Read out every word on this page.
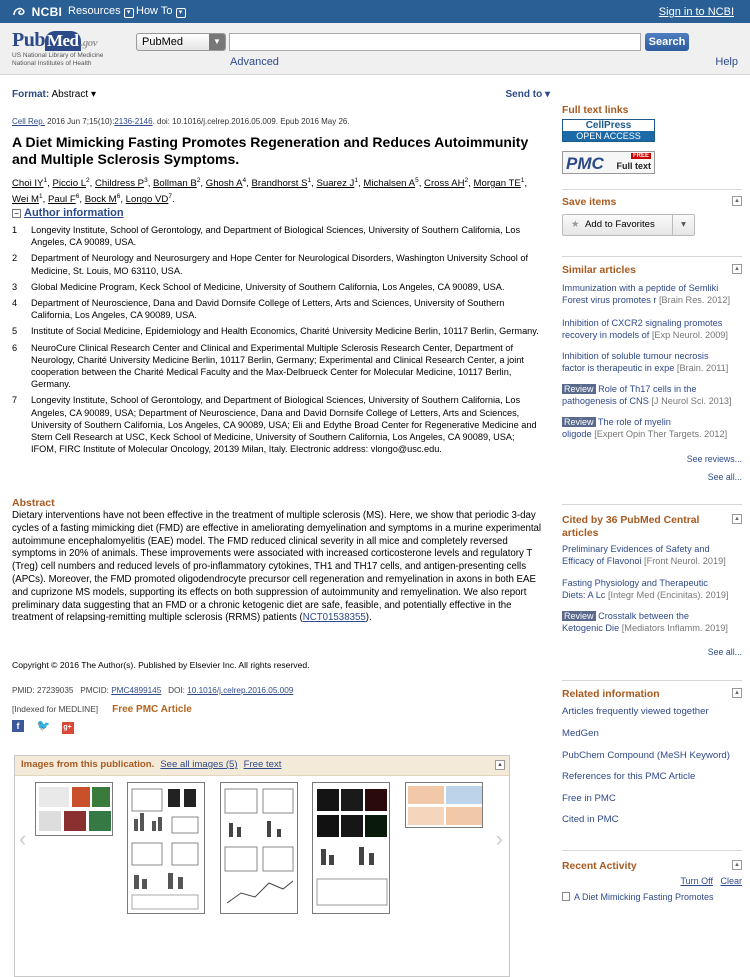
NCBI Resources ▾ How To ▾	Sign in to NCBI
Pub Med .gov
US National Library of Medicine
National Institutes of Health
PubMed	▼	Search
Advanced	Help
Format: Abstract ▾	Send to ▾
Cell Rep. 2016 Jun 7;15(10):2136-2146. doi: 10.1016/j.celrep.2016.05.009. Epub 2016 May 26.
A Diet Mimicking Fasting Promotes Regeneration and Reduces Autoimmunity and Multiple Sclerosis Symptoms.
Choi $IY^1$, Piccio $L^2$, Childress $P^3$, Bollman $B^2$, Ghosh $A^4$, Brandhorst $S^1$, Suarez $J^1$, Michalsen $A^5$, Cross $AH^2$, Morgan $TE^1$, Wei $M^1$, Paul $F^6$, Bock $M^6$, Longo $VD^7$.
− Author information
1	Longevity Institute, School of Gerontology, and Department of Biological Sciences, University of Southern California, Los Angeles, CA 90089, USA.
2	Department of Neurology and Neurosurgery and Hope Center for Neurological Disorders, Washington University School of Medicine, St. Louis, MO 63110, USA.
3	Global Medicine Program, Keck School of Medicine, University of Southern California, Los Angeles, CA 90089, USA.
4	Department of Neuroscience, Dana and David Dornsife College of Letters, Arts and Sciences, University of Southern California, Los Angeles, CA 90089, USA.
5	Institute of Social Medicine, Epidemiology and Health Economics, Charité University Medicine Berlin, 10117 Berlin, Germany.
6	NeuroCure Clinical Research Center and Clinical and Experimental Multiple Sclerosis Research Center, Department of Neurology, Charité University Medicine Berlin, 10117 Berlin, Germany; Experimental and Clinical Research Center, a joint cooperation between the Charité Medical Faculty and the Max-Delbrueck Center for Molecular Medicine, 10117 Berlin, Germany.
7	Longevity Institute, School of Gerontology, and Department of Biological Sciences, University of Southern California, Los Angeles, CA 90089, USA; Department of Neuroscience, Dana and David Dornsife College of Letters, Arts and Sciences, University of Southern California, Los Angeles, CA 90089, USA; Eli and Edythe Broad Center for Regenerative Medicine and Stem Cell Research at USC, Keck School of Medicine, University of Southern California, Los Angeles, CA 90089, USA; IFOM, FIRC Institute of Molecular Oncology, 20139 Milan, Italy. Electronic address: vlongo@usc.edu.
Abstract
Dietary interventions have not been effective in the treatment of multiple sclerosis (MS). Here, we show that periodic 3-day cycles of a fasting mimicking diet (FMD) are effective in ameliorating demyelination and symptoms in a murine experimental autoimmune encephalomyelitis (EAE) model. The FMD reduced clinical severity in all mice and completely reversed symptoms in 20% of animals. These improvements were associated with increased corticosterone levels and regulatory T (Treg) cell numbers and reduced levels of pro-inflammatory cytokines, TH1 and TH17 cells, and antigen-presenting cells (APCs). Moreover, the FMD promoted oligodendrocyte precursor cell regeneration and remyelination in axons in both EAE and cuprizone MS models, supporting its effects on both suppression of autoimmunity and remyelination. We also report preliminary data suggesting that an FMD or a chronic ketogenic diet are safe, feasible, and potentially effective in the treatment of relapsing-remitting multiple sclerosis (RRMS) patients (NCT01538355).
Copyright © 2016 The Author(s). Published by Elsevier Inc. All rights reserved.
PMID: 27239035 PMCID: PMC4899145 DOI: 10.1016/j.celrep.2016.05.009
[Indexed for MEDLINE] Free PMC Article
f 🐦 g+
Images from this publication. See all images (5) Free text	▲
‹	›
Full text links
CellPress
OPEN ACCESS
PMC	FREE
Full text
Save items	▲
★ Add to Favorites	▾
Similar articles	▲
Immunization with a peptide of Semliki
Forest virus promotes r [Brain Res. 2012]
Inhibition of CXCR2 signaling promotes
recovery in models of [Exp Neurol. 2009]
Inhibition of soluble tumour necrosis
factor is therapeutic in expe [Brain. 2011]
Review Role of Th17 cells in the
pathogenesis of CNS [J Neurol Sci. 2013]
Review The role of myelin
oligode [Expert Opin Ther Targets. 2012]
See reviews...
See all...
Cited by 36 PubMed Central articles
▲
Preliminary Evidences of Safety and
Efficacy of Flavonoi [Front Neurol. 2019]
Fasting Physiology and Therapeutic
Diets: A Lc [Integr Med (Encinitas). 2019]
Review Crosstalk between the
Ketogenic Die [Mediators Inflamm. 2019]
See all...
Related information	▲
Articles frequently viewed together
MedGen
PubChem Compound (MeSH Keyword)
References for this PMC Article
Free in PMC
Cited in PMC
Recent Activity	▲
Turn Off Clear
A Diet Mimicking Fasting Promotes
